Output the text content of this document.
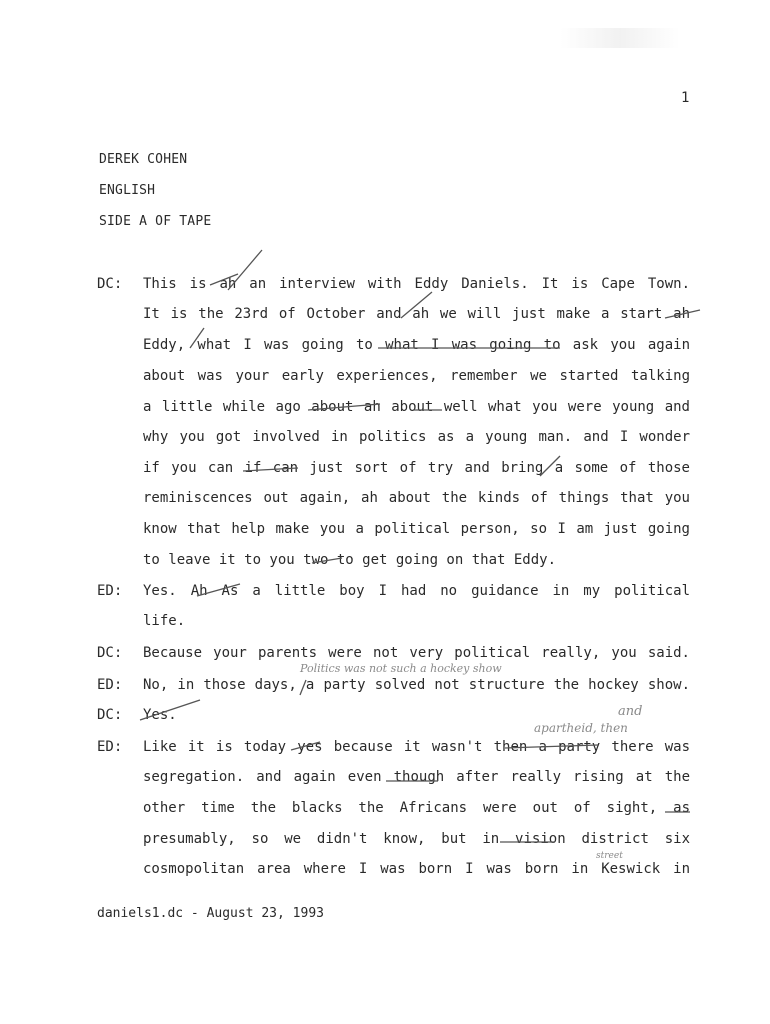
1
DEREK COHEN
ENGLISH
SIDE A OF TAPE
DC: This is ah an interview with Eddy Daniels. It is Cape Town.
It is the 23rd of October and ah we will just make a start ah
Eddy, what I was going to what I was going to ask you again
about was your early experiences, remember we started talking
a little while ago about ah about well what you were young and
why you got involved in politics as a young man. and I wonder
if you can if can just sort of try and bring a some of those
reminiscences out again, ah about the kinds of things that you
know that help make you a political person, so I am just going
to leave it to you two to get going on that Eddy.
ED: Yes. Ah As a little boy I had no guidance in my political
life.
DC: Because your parents were not very political really, you said.
ED: No, in those days, a party solved not structure the hockey show.
DC: Yes.
ED: Like it is today yes because it wasn't then a party there was
segregation. and again even though after really rising at the
other time the blacks the Africans were out of sight, as
presumably, so we didn't know, but in vision district six
cosmopolitan area where I was born I was born in Keswick in
Politics was not such a hockey show
and
apartheid, then
street
daniels1.dc - August 23, 1993
